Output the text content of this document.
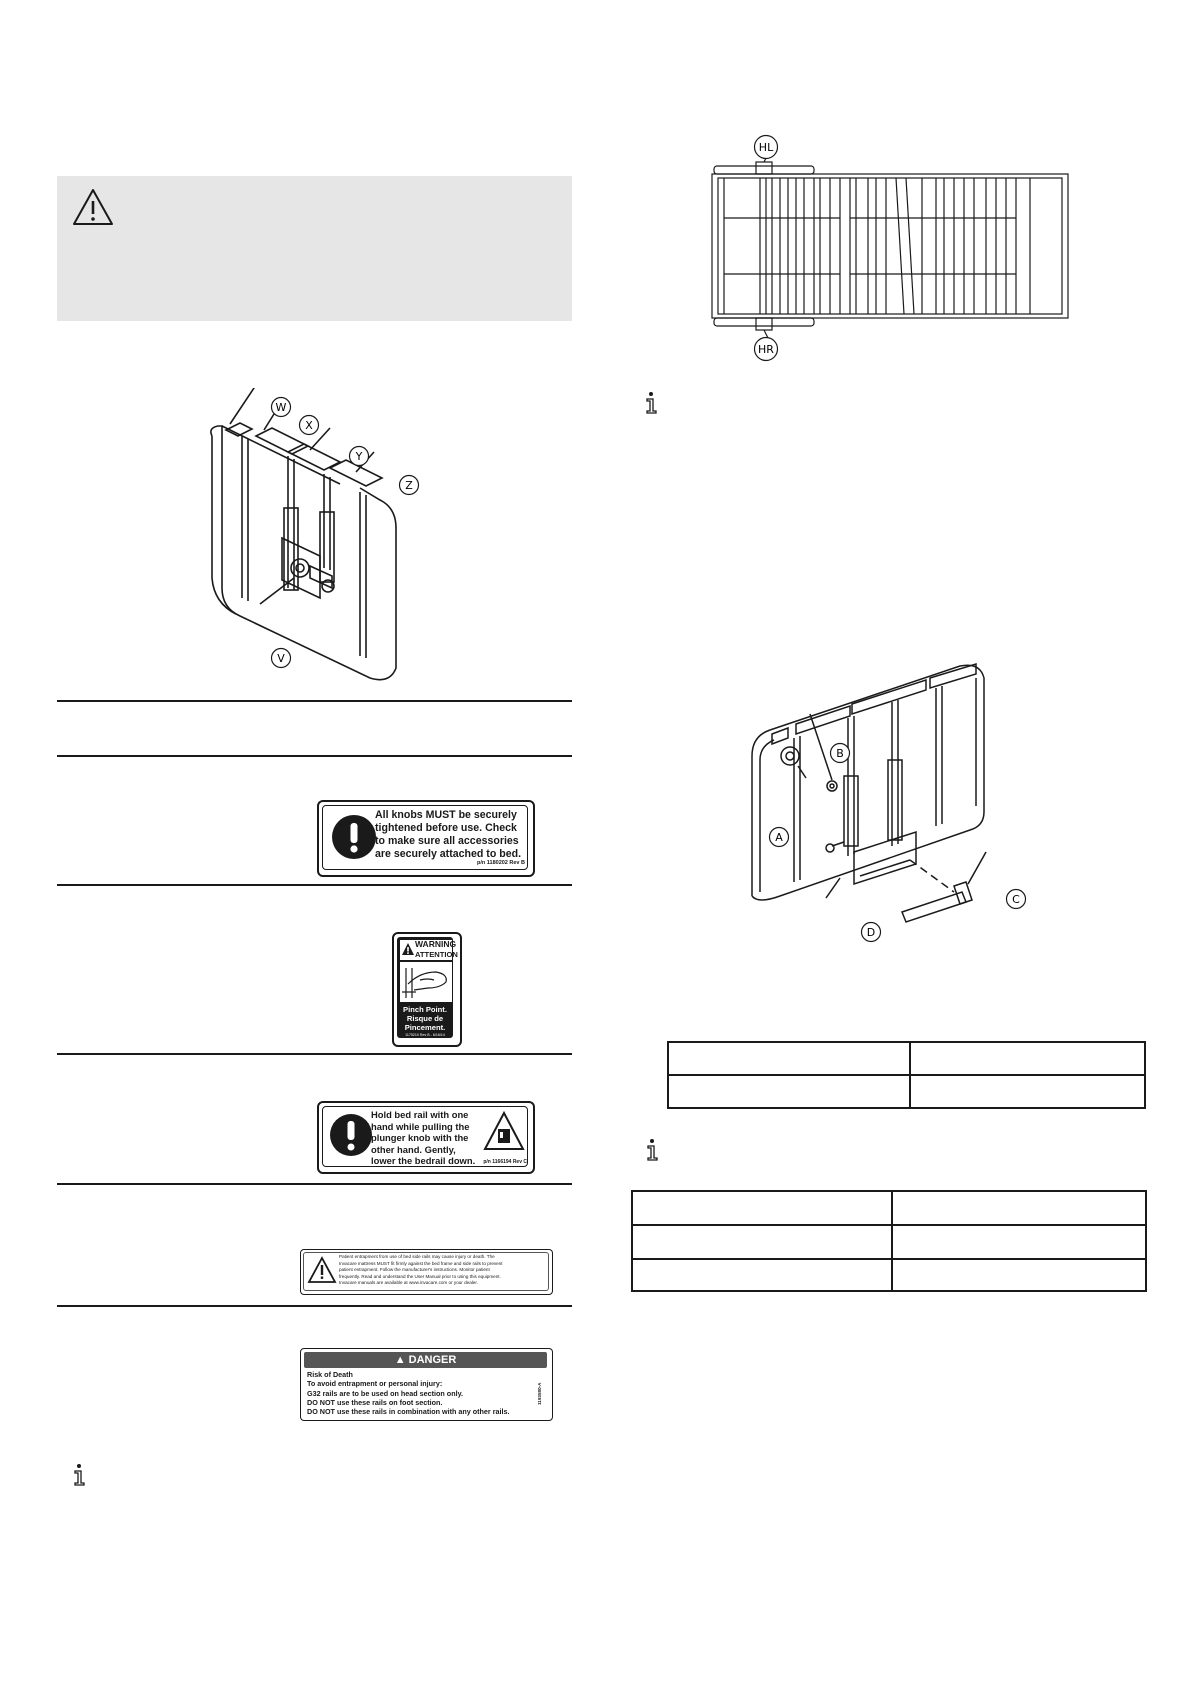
W
X
Y
Z
V
All knobs MUST be securely
tightened before use. Check
to make sure all accessories
are securely attached to bed.
p/n 1180202 Rev B
WARNING
ATTENTION
Pinch Point.
Risque de
Pincement.
1175210 Rev B - 6/16/14
Hold bed rail with one
hand while pulling the
plunger knob with the
other hand. Gently,
lower the bedrail down.	p/n 1166194 Rev C
Patient entrapment from use of bed side rails may cause injury or death. The
Invacare mattress MUST fit firmly against the bed frame and side rails to prevent
patient entrapment. Follow the manufacturer's instructions. Monitor patient
frequently. Read and understand the User Manual prior to using this equipment.
Invacare manuals are available at www.invacare.com or your dealer.
▲ DANGER
Risk of Death
To avoid entrapment or personal injury:
G32 rails are to be used on head section only.
DO NOT use these rails on foot section.
DO NOT use these rails in combination with any other rails.
1193580-A
HL
HR
B
A
C
D
